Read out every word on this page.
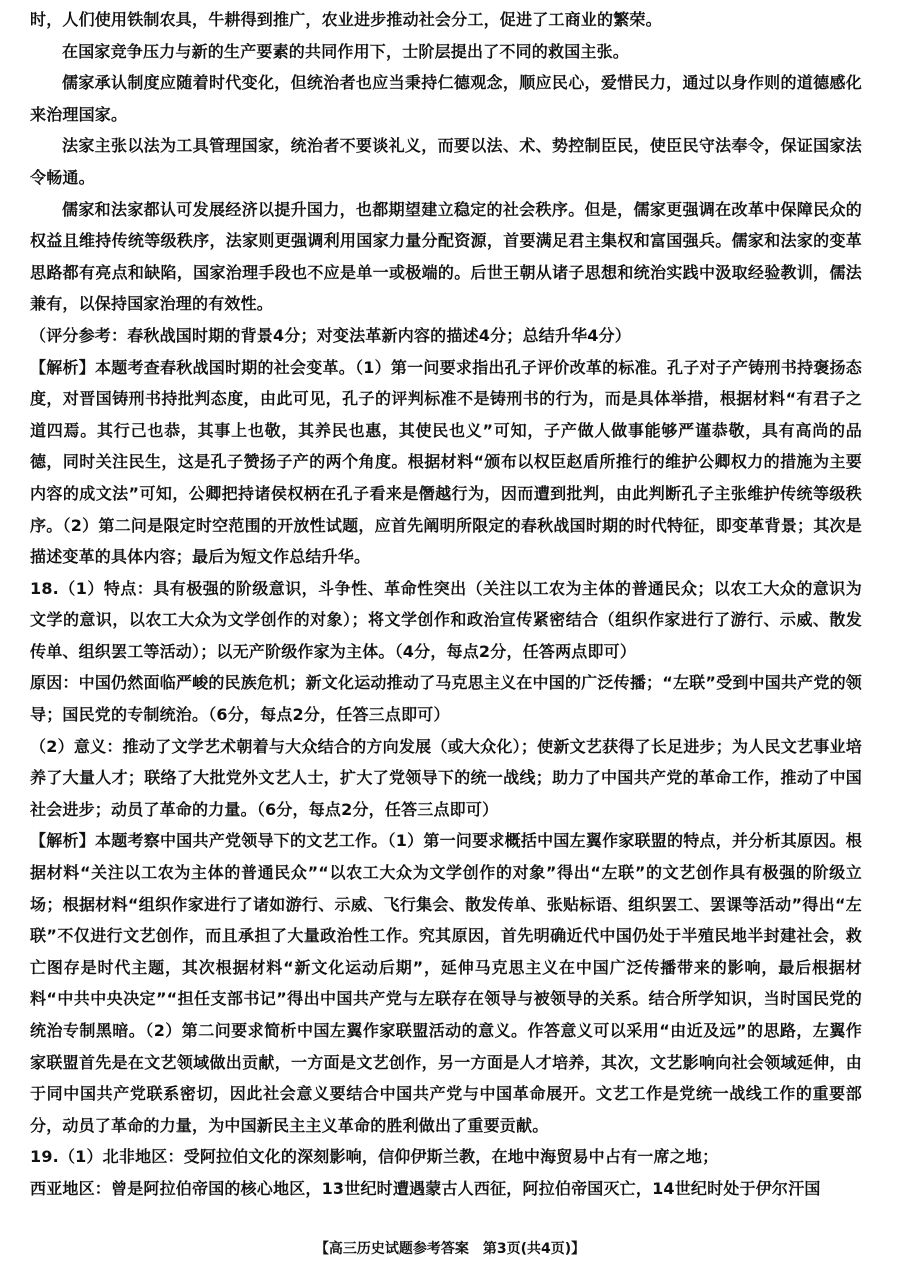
时，人们使用铁制农具，牛耕得到推广，农业进步推动社会分工，促进了工商业的繁荣。

在国家竞争压力与新的生产要素的共同作用下，士阶层提出了不同的救国主张。

儒家承认制度应随着时代变化，但统治者也应当秉持仁德观念，顺应民心，爱惜民力，通过以身作则的道德感化来治理国家。

法家主张以法为工具管理国家，统治者不要谈礼义，而要以法、术、势控制臣民，使臣民守法奉令，保证国家法令畅通。

儒家和法家都认可发展经济以提升国力，也都期望建立稳定的社会秩序。但是，儒家更强调在改革中保障民众的权益且维持传统等级秩序，法家则更强调利用国家力量分配资源，首要满足君主集权和富国强兵。儒家和法家的变革思路都有亮点和缺陷，国家治理手段也不应是单一或极端的。后世王朝从诸子思想和统治实践中汲取经验教训，儒法兼有，以保持国家治理的有效性。

（评分参考：春秋战国时期的背景4分；对变法革新内容的描述4分；总结升华4分）

【解析】本题考查春秋战国时期的社会变革。（1）第一问要求指出孔子评价改革的标准。孔子对子产铸刑书持褒扬态度，对晋国铸刑书持批判态度，由此可见，孔子的评判标准不是铸刑书的行为，而是具体举措，根据材料“有君子之道四焉。其行己也恭，其事上也敬，其养民也惠，其使民也义”可知，子产做人做事能够严谨恭敬，具有高尚的品德，同时关注民生，这是孔子赞扬子产的两个角度。根据材料“颁布以权臣赵盾所推行的维护公卿权力的措施为主要内容的成文法”可知，公卿把持诸侯权柄在孔子看来是僭越行为，因而遭到批判，由此判断孔子主张维护传统等级秩序。（2）第二问是限定时空范围的开放性试题，应首先阐明所限定的春秋战国时期的时代特征，即变革背景；其次是描述变革的具体内容；最后为短文作总结升华。

18.（1）特点：具有极强的阶级意识，斗争性、革命性突出（关注以工农为主体的普通民众；以农工大众的意识为文学的意识，以农工大众为文学创作的对象）；将文学创作和政治宣传紧密结合（组织作家进行了游行、示威、散发传单、组织罢工等活动）；以无产阶级作家为主体。（4分，每点2分，任答两点即可）

原因：中国仍然面临严峻的民族危机；新文化运动推动了马克思主义在中国的广泛传播；“左联”受到中国共产党的领导；国民党的专制统治。（6分，每点2分，任答三点即可）

（2）意义：推动了文学艺术朝着与大众结合的方向发展（或大众化）；使新文艺获得了长足进步；为人民文艺事业培养了大量人才；联络了大批党外文艺人士，扩大了党领导下的统一战线；助力了中国共产党的革命工作，推动了中国社会进步；动员了革命的力量。（6分，每点2分，任答三点即可）

【解析】本题考察中国共产党领导下的文艺工作。（1）第一问要求概括中国左翼作家联盟的特点，并分析其原因。根据材料“关注以工农为主体的普通民众”“以农工大众为文学创作的对象”得出“左联”的文艺创作具有极强的阶级立场；根据材料“组织作家进行了诸如游行、示威、飞行集会、散发传单、张贴标语、组织罢工、罢课等活动”得出“左联”不仅进行文艺创作，而且承担了大量政治性工作。究其原因，首先明确近代中国仍处于半殖民地半封建社会，救亡图存是时代主题，其次根据材料“新文化运动后期”，延伸马克思主义在中国广泛传播带来的影响，最后根据材料“中共中央决定”“担任支部书记”得出中国共产党与左联存在领导与被领导的关系。结合所学知识，当时国民党的统治专制黑暗。（2）第二问要求简析中国左翼作家联盟活动的意义。作答意义可以采用“由近及远”的思路，左翼作家联盟首先是在文艺领域做出贡献，一方面是文艺创作，另一方面是人才培养，其次，文艺影响向社会领域延伸，由于同中国共产党联系密切，因此社会意义要结合中国共产党与中国革命展开。文艺工作是党统一战线工作的重要部分，动员了革命的力量，为中国新民主主义革命的胜利做出了重要贡献。

19.（1）北非地区：受阿拉伯文化的深刻影响，信仰伊斯兰教，在地中海贸易中占有一席之地；

西亚地区：曾是阿拉伯帝国的核心地区，13世纪时遭遇蒙古人西征，阿拉伯帝国灭亡，14世纪时处于伊尔汗国

【高三历史试题参考答案　第3页(共4页)】
